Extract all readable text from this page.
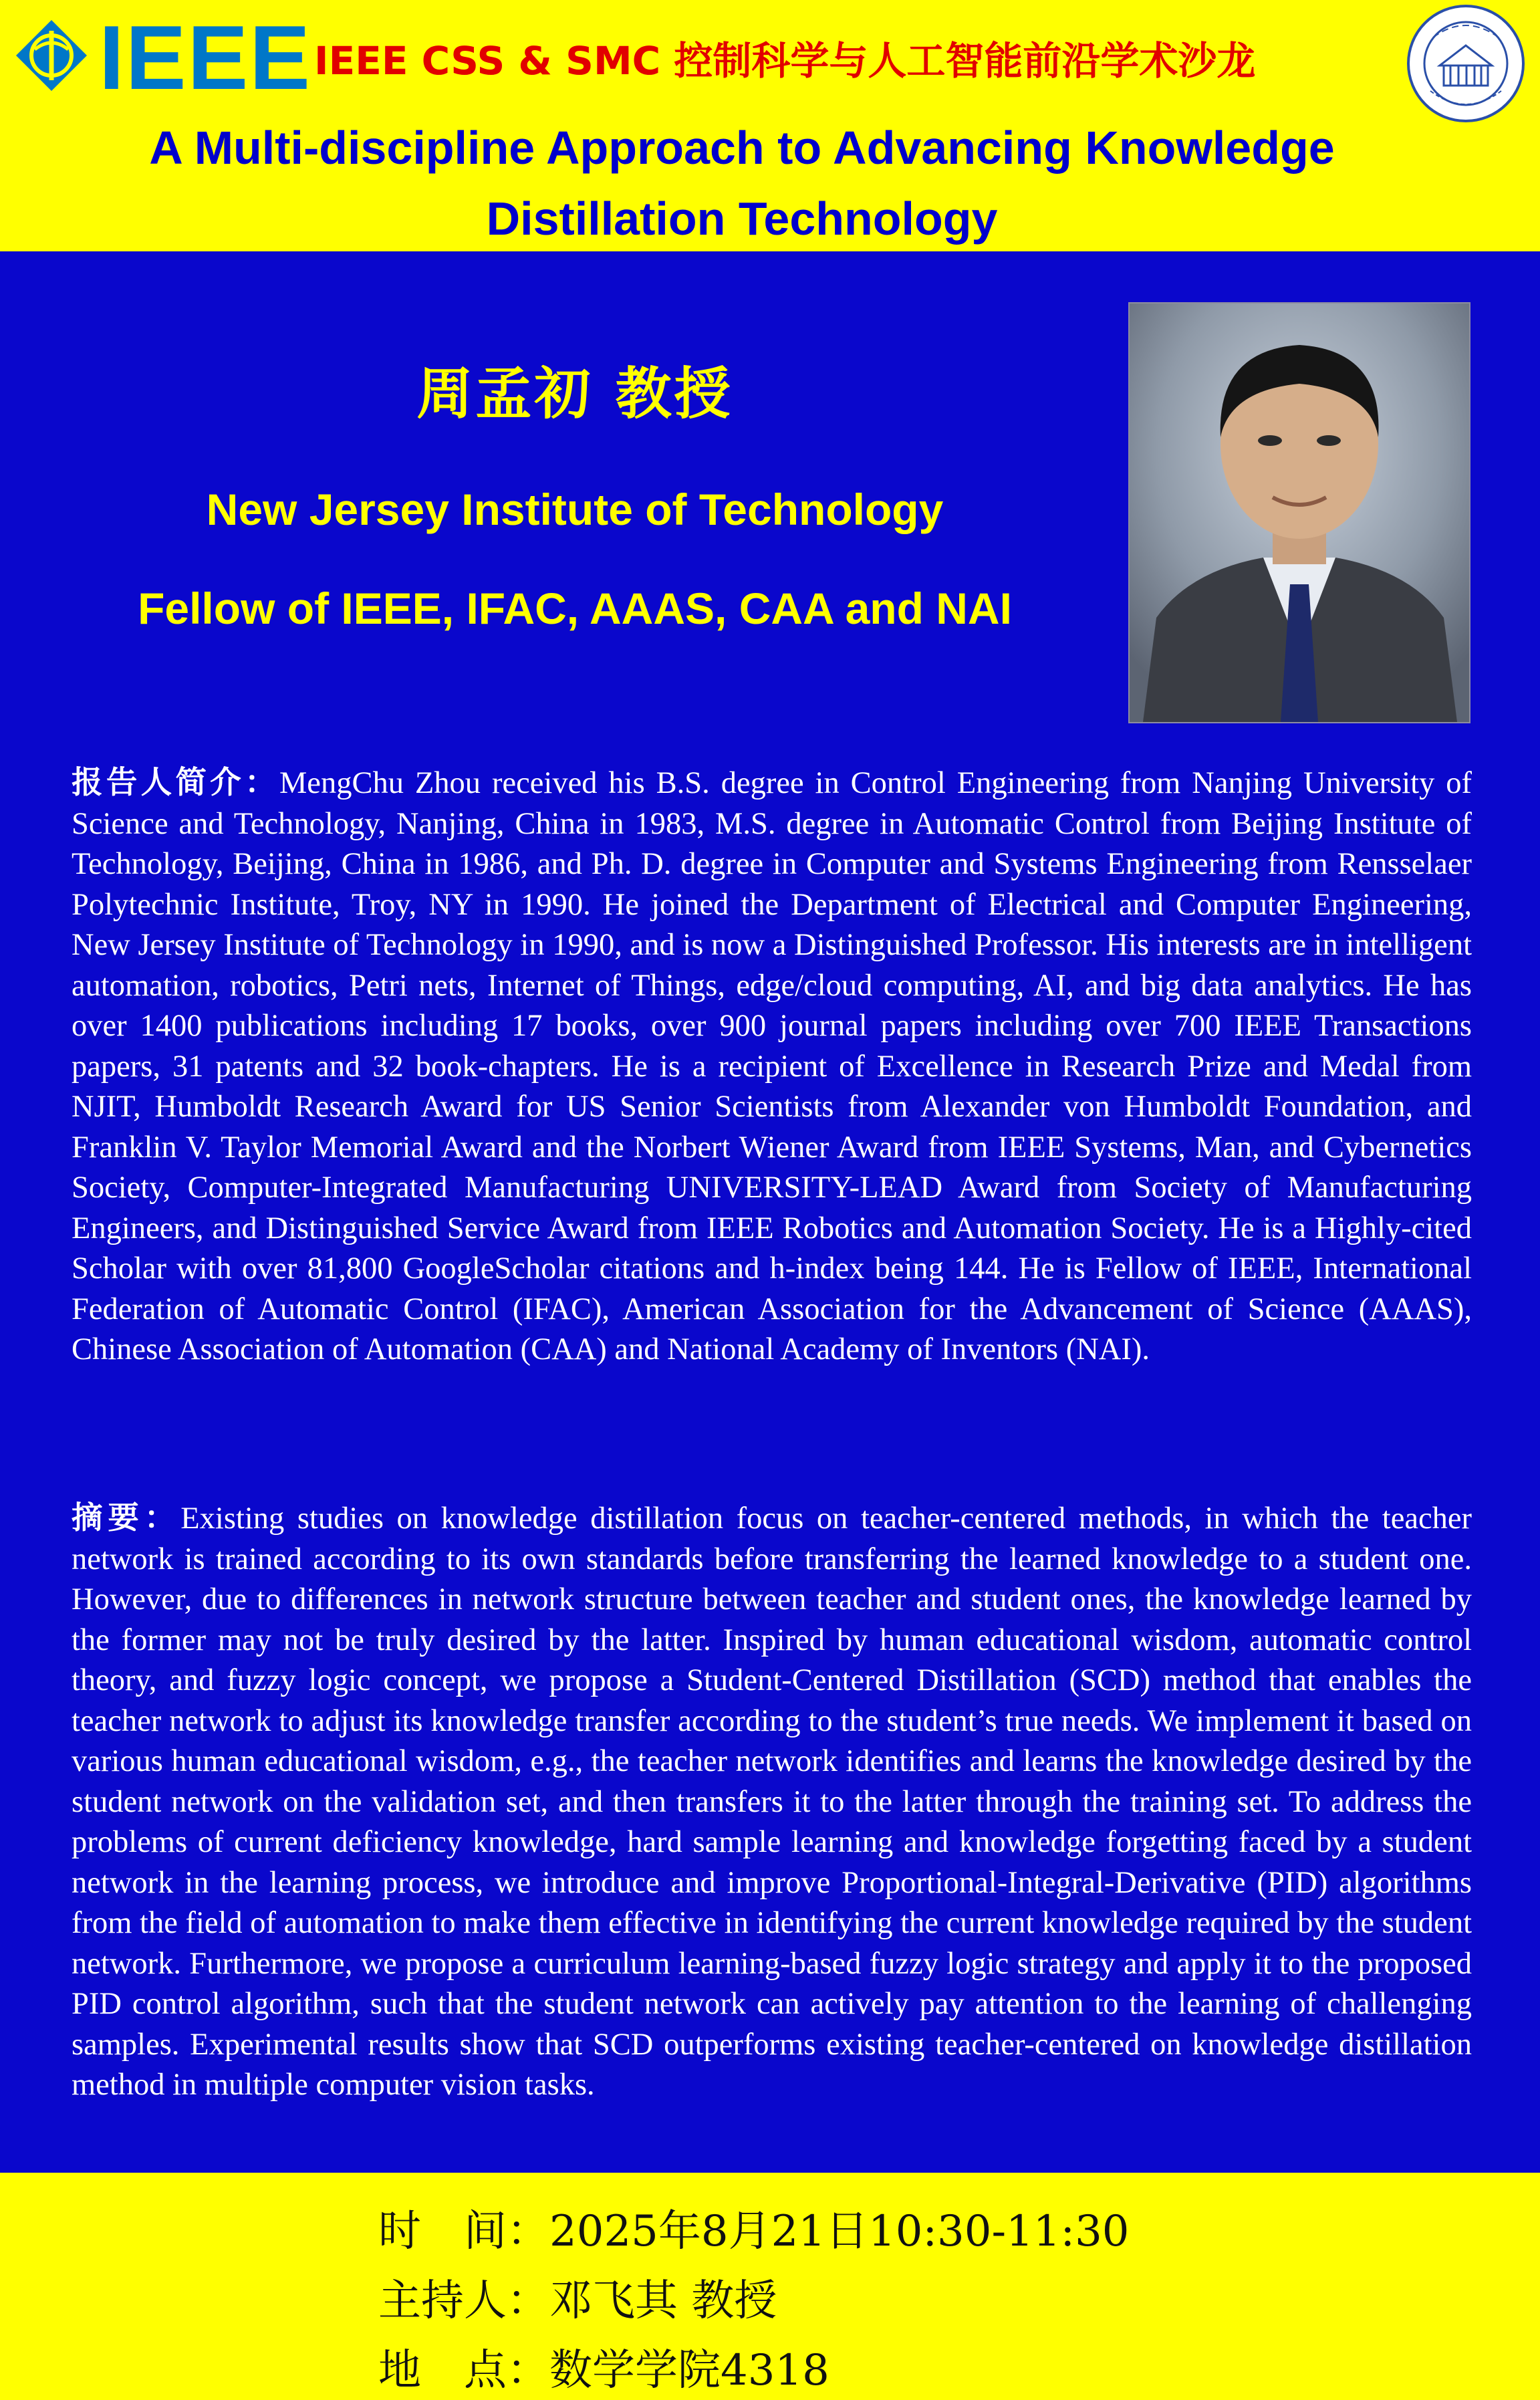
IEEE IEEE CSS & SMC 控制科学与人工智能前沿学术沙龙
A Multi-discipline Approach to Advancing Knowledge
Distillation Technology
周孟初 教授
New Jersey Institute of Technology
Fellow of IEEE, IFAC, AAAS, CAA and NAI

报告人简介：MengChu Zhou received his B.S. degree in Control Engineering from Nanjing University of Science and Technology, Nanjing, China in 1983, M.S. degree in Automatic Control from Beijing Institute of Technology, Beijing, China in 1986, and Ph. D. degree in Computer and Systems Engineering from Rensselaer Polytechnic Institute, Troy, NY in 1990. He joined the Department of Electrical and Computer Engineering, New Jersey Institute of Technology in 1990, and is now a Distinguished Professor. His interests are in intelligent automation, robotics, Petri nets, Internet of Things, edge/cloud computing, AI, and big data analytics. He has over 1400 publications including 17 books, over 900 journal papers including over 700 IEEE Transactions papers, 31 patents and 32 book-chapters. He is a recipient of Excellence in Research Prize and Medal from NJIT, Humboldt Research Award for US Senior Scientists from Alexander von Humboldt Foundation, and Franklin V. Taylor Memorial Award and the Norbert Wiener Award from IEEE Systems, Man, and Cybernetics Society, Computer-Integrated Manufacturing UNIVERSITY-LEAD Award from Society of Manufacturing Engineers, and Distinguished Service Award from IEEE Robotics and Automation Society. He is a Highly-cited Scholar with over 81,800 GoogleScholar citations and h-index being 144. He is Fellow of IEEE, International Federation of Automatic Control (IFAC), American Association for the Advancement of Science (AAAS), Chinese Association of Automation (CAA) and National Academy of Inventors (NAI).

摘要：Existing studies on knowledge distillation focus on teacher-centered methods, in which the teacher network is trained according to its own standards before transferring the learned knowledge to a student one. However, due to differences in network structure between teacher and student ones, the knowledge learned by the former may not be truly desired by the latter. Inspired by human educational wisdom, automatic control theory, and fuzzy logic concept, we propose a Student-Centered Distillation (SCD) method that enables the teacher network to adjust its knowledge transfer according to the student’s true needs. We implement it based on various human educational wisdom, e.g., the teacher network identifies and learns the knowledge desired by the student network on the validation set, and then transfers it to the latter through the training set. To address the problems of current deficiency knowledge, hard sample learning and knowledge forgetting faced by a student network in the learning process, we introduce and improve Proportional-Integral-Derivative (PID) algorithms from the field of automation to make them effective in identifying the current knowledge required by the student network. Furthermore, we propose a curriculum learning-based fuzzy logic strategy and apply it to the proposed PID control algorithm, such that the student network can actively pay attention to the learning of challenging samples. Experimental results show that SCD outperforms existing teacher-centered on knowledge distillation method in multiple computer vision tasks.

时 间：2025年8月21日10:30-11:30
主持人：邓飞其 教授
地 点：数学学院4318
